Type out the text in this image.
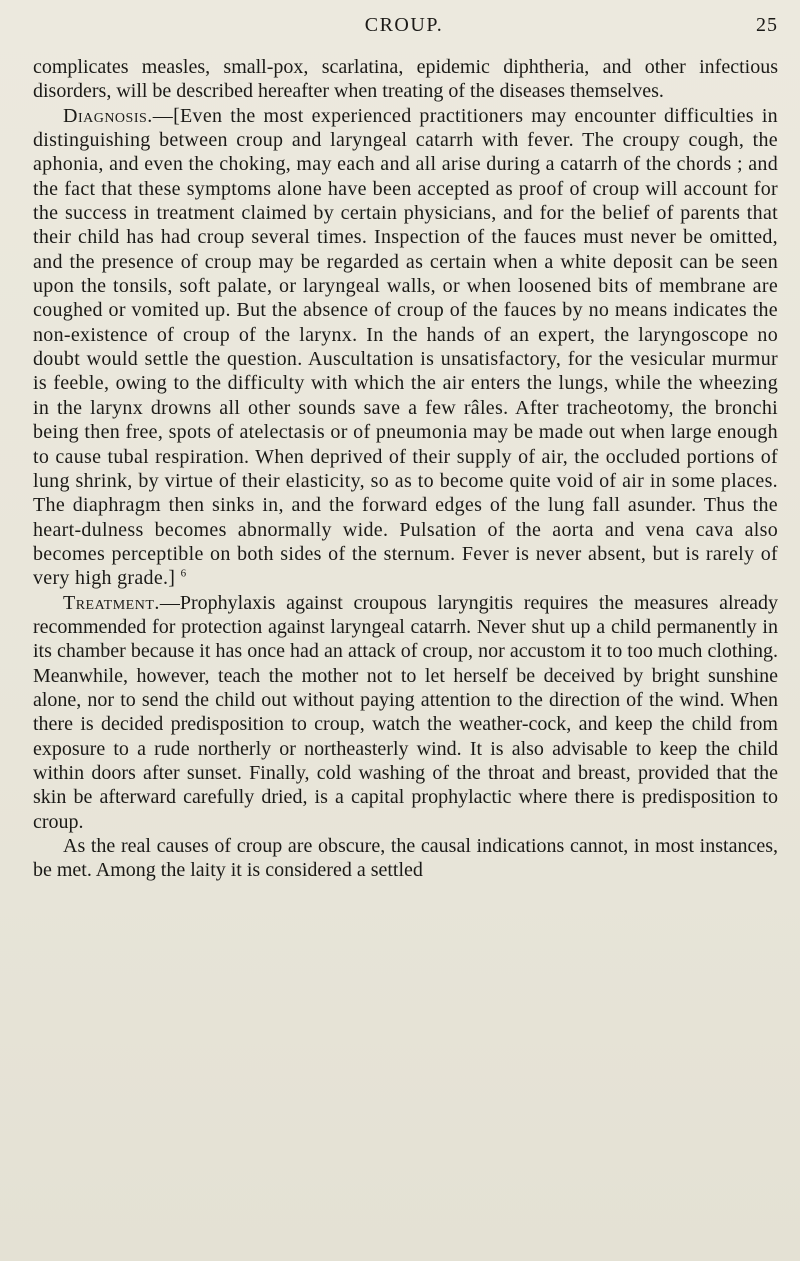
CROUP.	25

complicates measles, small-pox, scarlatina, epidemic diphtheria, and other infectious disorders, will be described hereafter when treating of the diseases themselves.

Diagnosis.—[Even the most experienced practitioners may encounter difficulties in distinguishing between croup and laryngeal catarrh with fever. The croupy cough, the aphonia, and even the choking, may each and all arise during a catarrh of the chords ; and the fact that these symptoms alone have been accepted as proof of croup will account for the success in treatment claimed by certain physicians, and for the belief of parents that their child has had croup several times. Inspection of the fauces must never be omitted, and the presence of croup may be regarded as certain when a white deposit can be seen upon the tonsils, soft palate, or laryngeal walls, or when loosened bits of membrane are coughed or vomited up. But the absence of croup of the fauces by no means indicates the non-existence of croup of the larynx. In the hands of an expert, the laryngoscope no doubt would settle the question. Auscultation is unsatisfactory, for the vesicular murmur is feeble, owing to the difficulty with which the air enters the lungs, while the wheezing in the larynx drowns all other sounds save a few râles. After tracheotomy, the bronchi being then free, spots of atelectasis or of pneumonia may be made out when large enough to cause tubal respiration. When deprived of their supply of air, the occluded portions of lung shrink, by virtue of their elasticity, so as to become quite void of air in some places. The diaphragm then sinks in, and the forward edges of the lung fall asunder. Thus the heart-dulness becomes abnormally wide. Pulsation of the aorta and vena cava also becomes perceptible on both sides of the sternum. Fever is never absent, but is rarely of very high grade.] $^6$

Treatment.—Prophylaxis against croupous laryngitis requires the measures already recommended for protection against laryngeal catarrh. Never shut up a child permanently in its chamber because it has once had an attack of croup, nor accustom it to too much clothing. Meanwhile, however, teach the mother not to let herself be deceived by bright sunshine alone, nor to send the child out without paying attention to the direction of the wind. When there is decided predisposition to croup, watch the weather-cock, and keep the child from exposure to a rude northerly or northeasterly wind. It is also advisable to keep the child within doors after sunset. Finally, cold washing of the throat and breast, provided that the skin be afterward carefully dried, is a capital prophylactic where there is predisposition to croup.

As the real causes of croup are obscure, the causal indications cannot, in most instances, be met. Among the laity it is considered a settled
